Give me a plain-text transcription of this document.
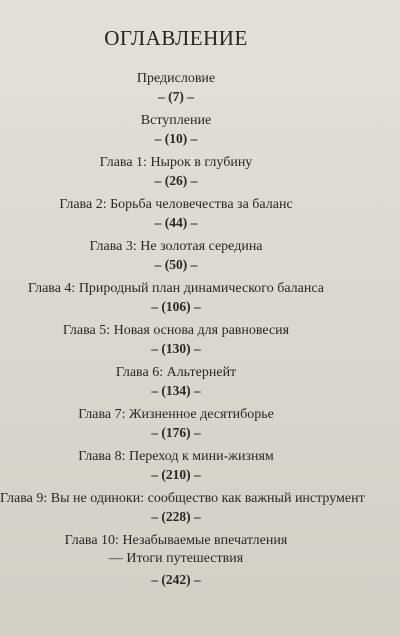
ОГЛАВЛЕНИЕ
Предисловие
– (7) –
Вступление
– (10) –
Глава 1: Нырок в глубину
– (26) –
Глава 2: Борьба человечества за баланс
– (44) –
Глава 3: Не золотая середина
– (50) –
Глава 4: Природный план динамического баланса
– (106) –
Глава 5: Новая основа для равновесия
– (130) –
Глава 6: Альтернейт
– (134) –
Глава 7: Жизненное десятиборье
– (176) –
Глава 8: Переход к мини-жизням
– (210) –
Глава 9: Вы не одиноки: сообщество как важный инструмент
– (228) –
Глава 10: Незабываемые впечатления
— Итоги путешествия
– (242) –
